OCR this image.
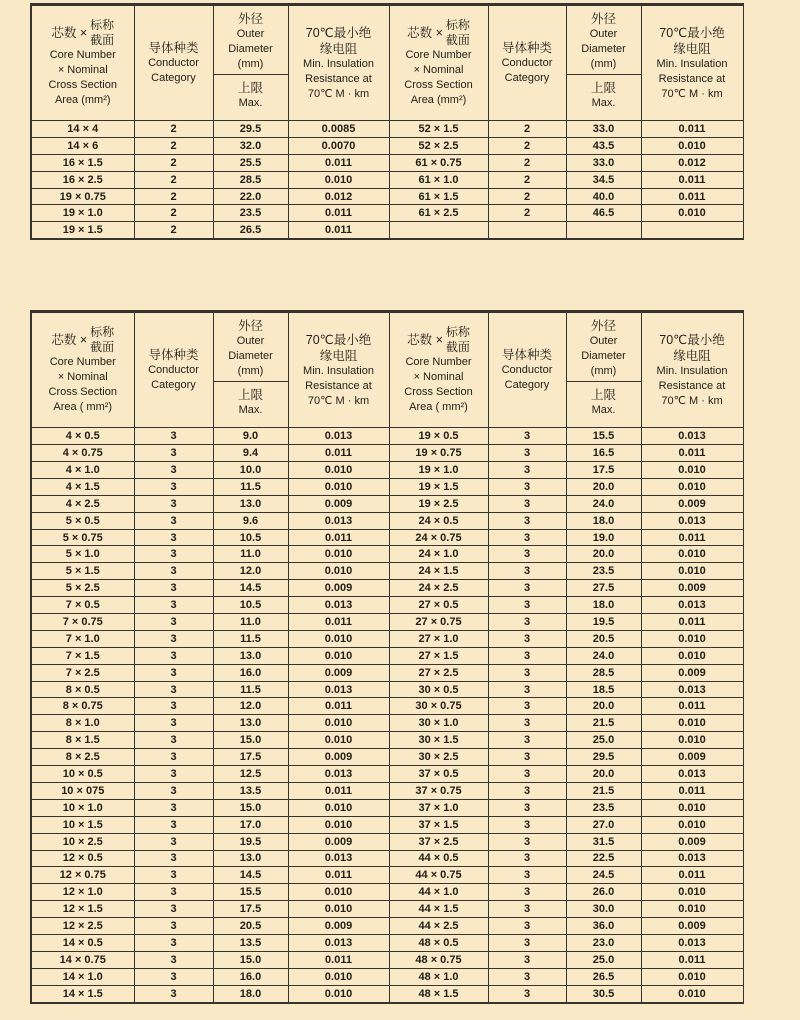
芯数 ×
标称
截面
Core Number
× Nominal
Cross Section
Area (mm²)

导体种类
Conductor
Category

外径
Outer
Diameter
(mm)
上限
Max.

70℃最小绝
缘电阻
Min. Insulation
Resistance at
70℃ M · km

芯数 ×
标称
截面
Core Number
× Nominal
Cross Section
Area (mm²)

导体种类
Conductor
Category

外径
Outer
Diameter
(mm)
上限
Max.

70℃最小绝
缘电阻
Min. Insulation
Resistance at
70℃ M · km

14 × 4	2	29.5	0.0085	52 × 1.5	2	33.0	0.011
14 × 6	2	32.0	0.0070	52 × 2.5	2	43.5	0.010
16 × 1.5	2	25.5	0.011	61 × 0.75	2	33.0	0.012
16 × 2.5	2	28.5	0.010	61 × 1.0	2	34.5	0.011
19 × 0.75	2	22.0	0.012	61 × 1.5	2	40.0	0.011
19 × 1.0	2	23.5	0.011	61 × 2.5	2	46.5	0.010
19 × 1.5	2	26.5	0.011				
芯数 ×
标称
截面
Core Number
× Nominal
Cross Section
Area ( mm²)

导体种类
Conductor
Category

外径
Outer
Diameter
(mm)
上限
Max.

70℃最小绝
缘电阻
Min. Insulation
Resistance at
70℃ M · km

芯数 ×
标称
截面
Core Number
× Nominal
Cross Section
Area ( mm²)

导体种类
Conductor
Category

外径
Outer
Diameter
(mm)
上限
Max.

70℃最小绝
缘电阻
Min. Insulation
Resistance at
70℃ M · km

4 × 0.5	3	9.0	0.013	19 × 0.5	3	15.5	0.013
4 × 0.75	3	9.4	0.011	19 × 0.75	3	16.5	0.011
4 × 1.0	3	10.0	0.010	19 × 1.0	3	17.5	0.010
4 × 1.5	3	11.5	0.010	19 × 1.5	3	20.0	0.010
4 × 2.5	3	13.0	0.009	19 × 2.5	3	24.0	0.009
5 × 0.5	3	9.6	0.013	24 × 0.5	3	18.0	0.013
5 × 0.75	3	10.5	0.011	24 × 0.75	3	19.0	0.011
5 × 1.0	3	11.0	0.010	24 × 1.0	3	20.0	0.010
5 × 1.5	3	12.0	0.010	24 × 1.5	3	23.5	0.010
5 × 2.5	3	14.5	0.009	24 × 2.5	3	27.5	0.009
7 × 0.5	3	10.5	0.013	27 × 0.5	3	18.0	0.013
7 × 0.75	3	11.0	0.011	27 × 0.75	3	19.5	0.011
7 × 1.0	3	11.5	0.010	27 × 1.0	3	20.5	0.010
7 × 1.5	3	13.0	0.010	27 × 1.5	3	24.0	0.010
7 × 2.5	3	16.0	0.009	27 × 2.5	3	28.5	0.009
8 × 0.5	3	11.5	0.013	30 × 0.5	3	18.5	0.013
8 × 0.75	3	12.0	0.011	30 × 0.75	3	20.0	0.011
8 × 1.0	3	13.0	0.010	30 × 1.0	3	21.5	0.010
8 × 1.5	3	15.0	0.010	30 × 1.5	3	25.0	0.010
8 × 2.5	3	17.5	0.009	30 × 2.5	3	29.5	0.009
10 × 0.5	3	12.5	0.013	37 × 0.5	3	20.0	0.013
10 × 075	3	13.5	0.011	37 × 0.75	3	21.5	0.011
10 × 1.0	3	15.0	0.010	37 × 1.0	3	23.5	0.010
10 × 1.5	3	17.0	0.010	37 × 1.5	3	27.0	0.010
10 × 2.5	3	19.5	0.009	37 × 2.5	3	31.5	0.009
12 × 0.5	3	13.0	0.013	44 × 0.5	3	22.5	0.013
12 × 0.75	3	14.5	0.011	44 × 0.75	3	24.5	0.011
12 × 1.0	3	15.5	0.010	44 × 1.0	3	26.0	0.010
12 × 1.5	3	17.5	0.010	44 × 1.5	3	30.0	0.010
12 × 2.5	3	20.5	0.009	44 × 2.5	3	36.0	0.009
14 × 0.5	3	13.5	0.013	48 × 0.5	3	23.0	0.013
14 × 0.75	3	15.0	0.011	48 × 0.75	3	25.0	0.011
14 × 1.0	3	16.0	0.010	48 × 1.0	3	26.5	0.010
14 × 1.5	3	18.0	0.010	48 × 1.5	3	30.5	0.010
